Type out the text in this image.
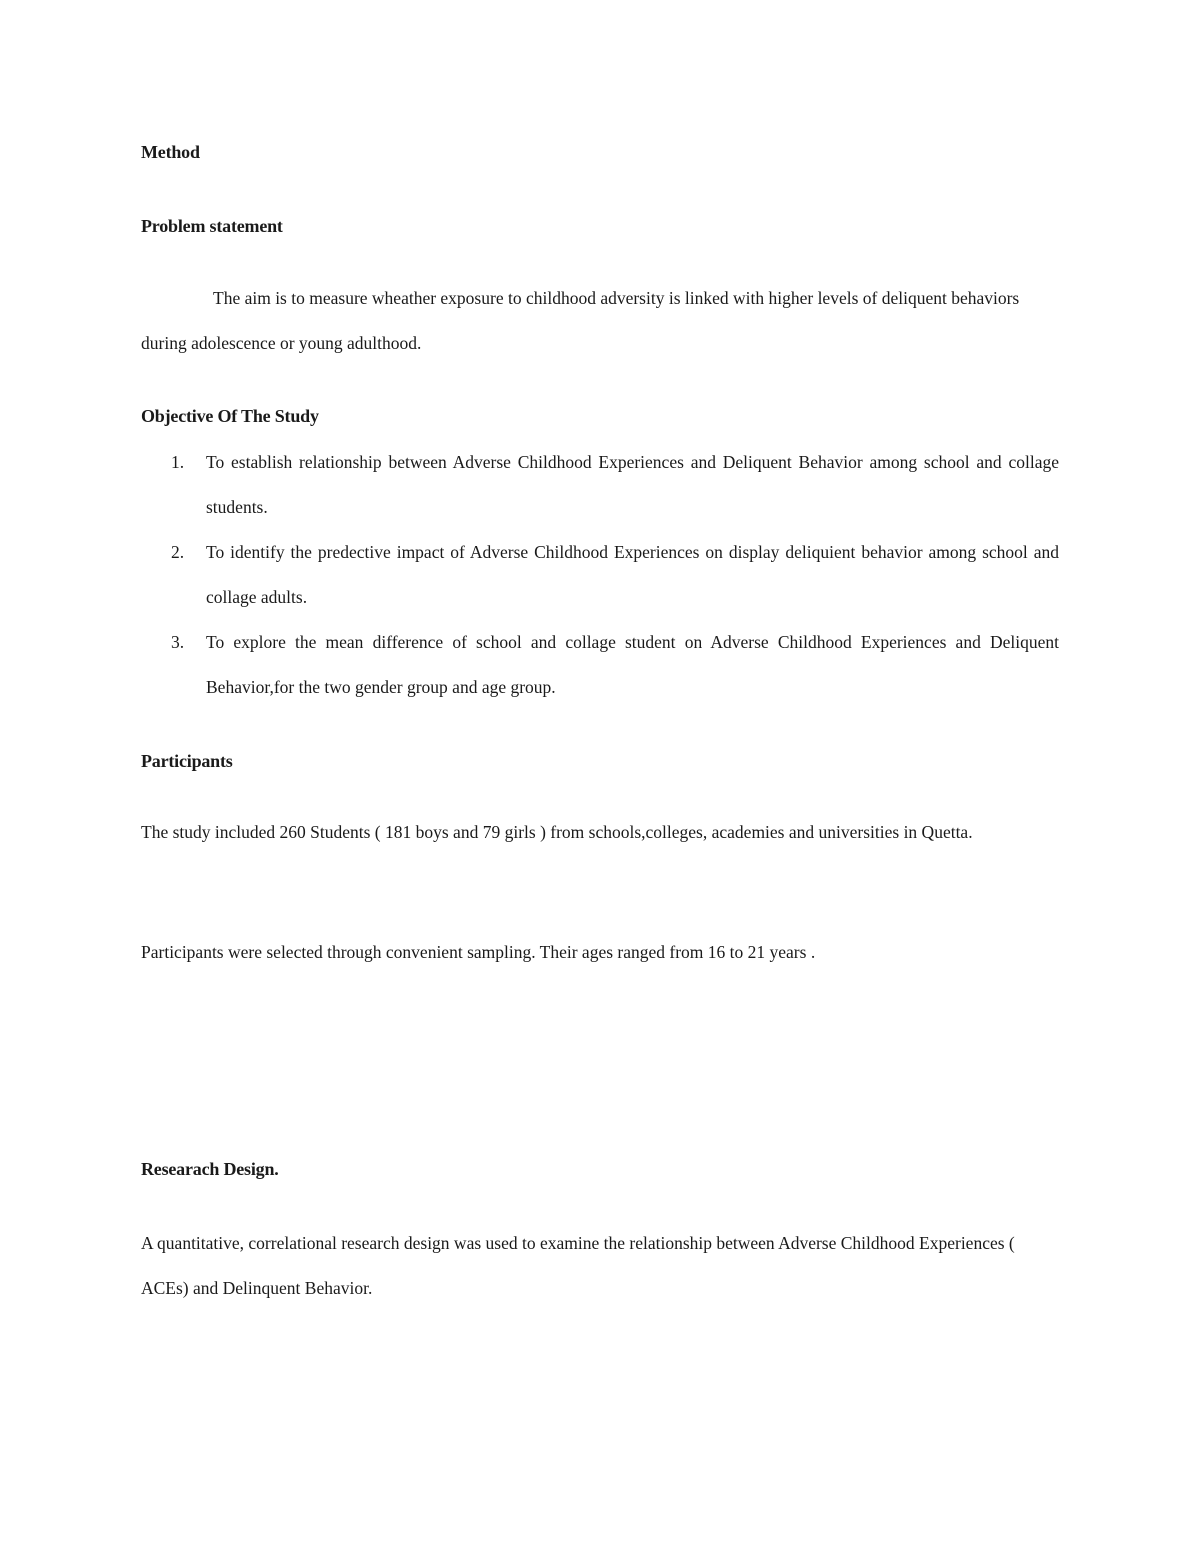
Method
Problem statement

The aim is to measure wheather exposure to childhood adversity is linked with higher levels of deliquent behaviors during adolescence or young adulthood.

Objective Of The Study
1. To establish relationship between Adverse Childhood Experiences and Deliquent Behavior among school and collage students.
2. To identify the predective impact of Adverse Childhood Experiences on display deliquient behavior among school and collage adults.
3. To explore the mean difference of school and collage student on Adverse Childhood Experiences and Deliquent Behavior,for the two gender group and age group.
Participants

The study included 260 Students ( 181 boys and 79 girls ) from schools,colleges, academies and universities in Quetta.

Participants were selected through convenient sampling. Their ages ranged from 16 to 21 years .

Researach Design.

A quantitative, correlational research design was used to examine the relationship between Adverse Childhood Experiences ( ACEs) and Delinquent Behavior.
